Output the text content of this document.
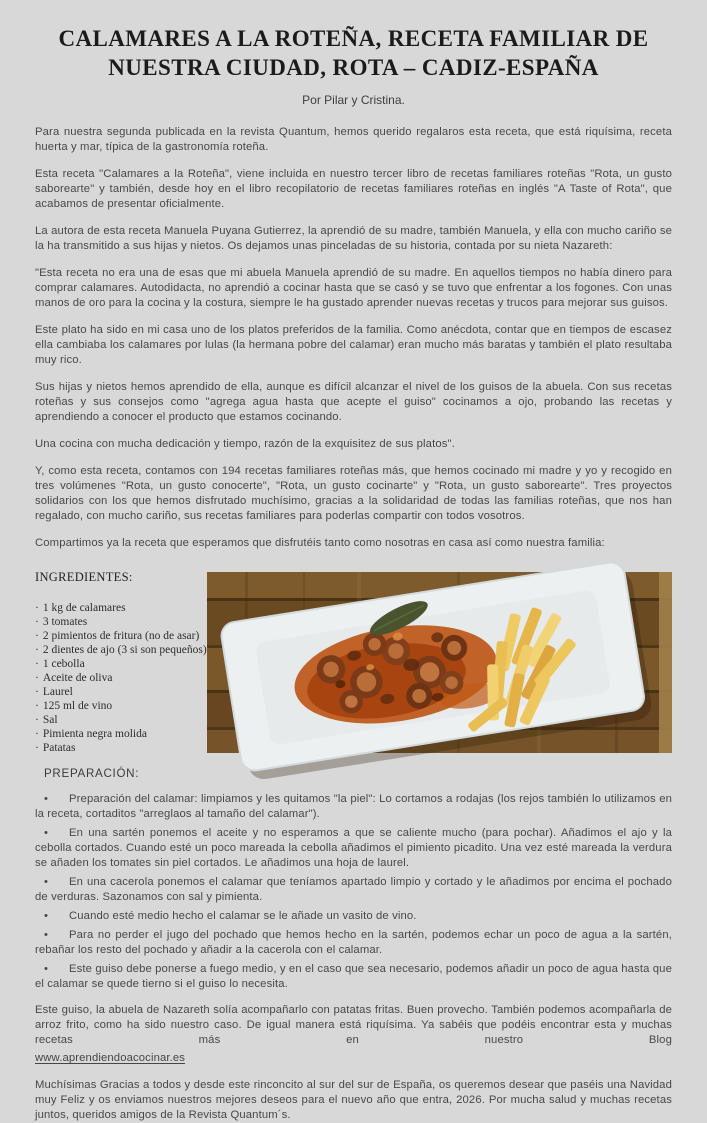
CALAMARES A LA ROTEÑA, RECETA FAMILIAR DE
NUESTRA CIUDAD, ROTA – CADIZ-ESPAÑA

Por Pilar y Cristina.

Para nuestra segunda publicada en la revista Quantum, hemos querido regalaros esta receta, que está riquísima, receta huerta y mar, típica de la gastronomía roteña.

Esta receta "Calamares a la Roteña", viene incluida en nuestro tercer libro de recetas familiares roteñas "Rota, un gusto saborearte" y también, desde hoy en el libro recopilatorio de recetas familiares roteñas en inglés "A Taste of Rota", que acabamos de presentar oficialmente.

La autora de esta receta Manuela Puyana Gutierrez, la aprendió de su madre, también Manuela, y ella con mucho cariño se la ha transmitido a sus hijas y nietos. Os dejamos unas pinceladas de su historia, contada por su nieta Nazareth:

"Esta receta no era una de esas que mi abuela Manuela aprendió de su madre. En aquellos tiempos no había dinero para comprar calamares. Autodidacta, no aprendió a cocinar hasta que se casó y se tuvo que enfrentar a los fogones. Con unas manos de oro para la cocina y la costura, siempre le ha gustado aprender nuevas recetas y trucos para mejorar sus guisos.

Este plato ha sido en mi casa uno de los platos preferidos de la familia. Como anécdota, contar que en tiempos de escasez ella cambiaba los calamares por lulas (la hermana pobre del calamar) eran mucho más baratas y también el plato resultaba muy rico.

Sus hijas y nietos hemos aprendido de ella, aunque es difícil alcanzar el nivel de los guisos de la abuela. Con sus recetas roteñas y sus consejos como "agrega agua hasta que acepte el guiso" cocinamos a ojo, probando las recetas y aprendiendo a conocer el producto que estamos cocinando.

Una cocina con mucha dedicación y tiempo, razón de la exquisitez de sus platos".

Y, como esta receta, contamos con 194 recetas familiares roteñas más, que hemos cocinado mi madre y yo y recogido en tres volúmenes "Rota, un gusto conocerte", "Rota, un gusto cocinarte" y "Rota, un gusto saborearte". Tres proyectos solidarios con los que hemos disfrutado muchísimo, gracias a la solidaridad de todas las familias roteñas, que nos han regalado, con mucho cariño, sus recetas familiares para poderlas compartir con todos vosotros.

Compartimos ya la receta que esperamos que disfrutéis tanto como nosotras en casa así como nuestra familia:

INGREDIENTES:
· 1 kg de calamares
· 3 tomates
· 2 pimientos de fritura (no de asar)
· 2 dientes de ajo (3 si son pequeños)
· 1 cebolla
· Aceite de oliva
· Laurel
· 125 ml de vino
· Sal
· Pimienta negra molida
· Patatas
PREPARACIÓN:

• Preparación del calamar: limpiamos y les quitamos "la piel": Lo cortamos a rodajas (los rejos también lo utilizamos en la receta, cortaditos "arreglaos al tamaño del calamar").

• En una sartén ponemos el aceite y no esperamos a que se caliente mucho (para pochar). Añadimos el ajo y la cebolla cortados. Cuando esté un poco mareada la cebolla añadimos el pimiento picadito. Una vez esté mareada la verdura se añaden los tomates sin piel cortados. Le añadimos una hoja de laurel.

• En una cacerola ponemos el calamar que teníamos apartado limpio y cortado y le añadimos por encima el pochado de verduras. Sazonamos con sal y pimienta.

• Cuando esté medio hecho el calamar se le añade un vasito de vino.

• Para no perder el jugo del pochado que hemos hecho en la sartén, podemos echar un poco de agua a la sartén, rebañar los resto del pochado y añadir a la cacerola con el calamar.

• Este guiso debe ponerse a fuego medio, y en el caso que sea necesario, podemos añadir un poco de agua hasta que el calamar se quede tierno si el guiso lo necesita.

Este guiso, la abuela de Nazareth solía acompañarlo con patatas fritas. Buen provecho. También podemos acompañarla de arroz frito, como ha sido nuestro caso. De igual manera está riquísima. Ya sabéis que podéis encontrar esta y muchas recetas más en nuestro Blog

www.aprendiendoacocinar.es

Muchísimas Gracias a todos y desde este rinconcito al sur del sur de España, os queremos desear que paséis una Navidad muy Feliz y os enviamos nuestros mejores deseos para el nuevo año que entra, 2026. Por mucha salud y muchas recetas juntos, queridos amigos de la Revista Quantum´s.
